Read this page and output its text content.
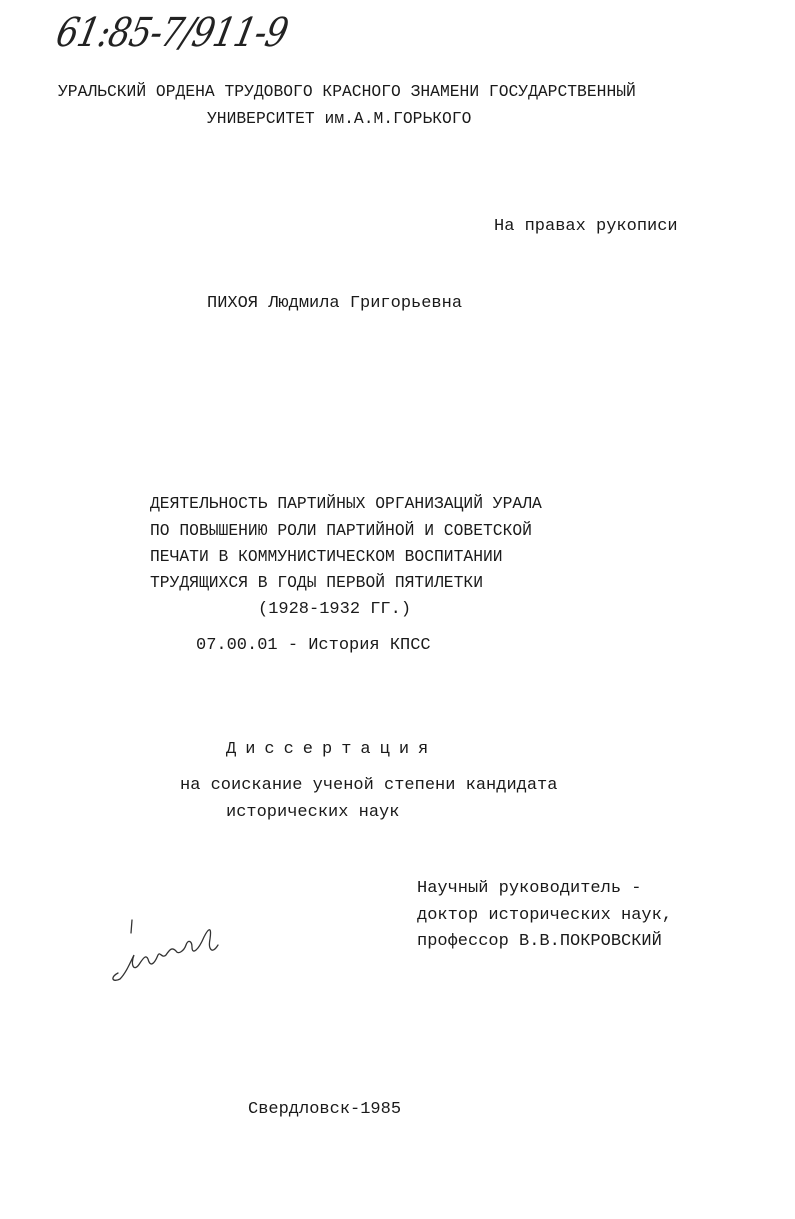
61:85-7/911-9
УРАЛЬСКИЙ ОРДЕНА ТРУДОВОГО КРАСНОГО ЗНАМЕНИ ГОСУДАРСТВЕННЫЙ
УНИВЕРСИТЕТ им.А.М.ГОРЬКОГО
На правах рукописи
ПИХОЯ Людмила Григорьевна
ДЕЯТЕЛЬНОСТЬ ПАРТИЙНЫХ ОРГАНИЗАЦИЙ УРАЛА
ПО ПОВЫШЕНИЮ РОЛИ ПАРТИЙНОЙ И СОВЕТСКОЙ
ПЕЧАТИ В КОММУНИСТИЧЕСКОМ ВОСПИТАНИИ
ТРУДЯЩИХСЯ В ГОДЫ ПЕРВОЙ ПЯТИЛЕТКИ
(1928-1932 ГГ.)
07.00.01 - История КПСС
Диссертация
на соискание ученой степени кандидата
исторических наук
Научный руководитель -
доктор исторических наук,
профессор В.В.ПОКРОВСКИЙ
Свердловск-1985
